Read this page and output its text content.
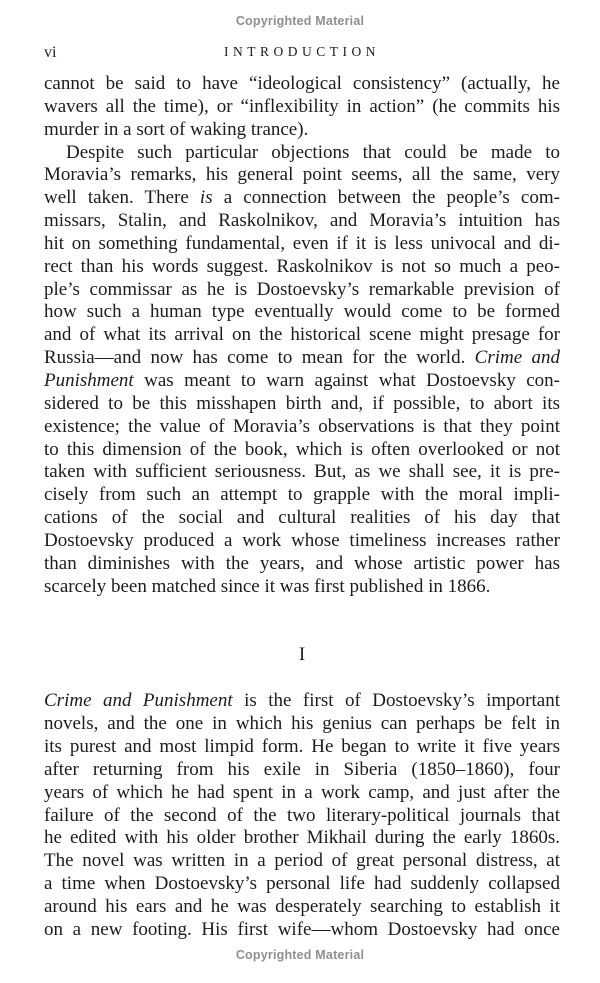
Copyrighted Material
vi	INTRODUCTION
cannot be said to have “ideological consistency” (actually, he
wavers all the time), or “inflexibility in action” (he commits his
murder in a sort of waking trance).
Despite such particular objections that could be made to
Moravia’s remarks, his general point seems, all the same, very
well taken. There is a connection between the people’s com-
missars, Stalin, and Raskolnikov, and Moravia’s intuition has
hit on something fundamental, even if it is less univocal and di-
rect than his words suggest. Raskolnikov is not so much a peo-
ple’s commissar as he is Dostoevsky’s remarkable prevision of
how such a human type eventually would come to be formed
and of what its arrival on the historical scene might presage for
Russia—and now has come to mean for the world. Crime and
Punishment was meant to warn against what Dostoevsky con-
sidered to be this misshapen birth and, if possible, to abort its
existence; the value of Moravia’s observations is that they point
to this dimension of the book, which is often overlooked or not
taken with sufficient seriousness. But, as we shall see, it is pre-
cisely from such an attempt to grapple with the moral impli-
cations of the social and cultural realities of his day that
Dostoevsky produced a work whose timeliness increases rather
than diminishes with the years, and whose artistic power has
scarcely been matched since it was first published in 1866.
I
Crime and Punishment is the first of Dostoevsky’s important
novels, and the one in which his genius can perhaps be felt in
its purest and most limpid form. He began to write it five years
after returning from his exile in Siberia (1850–1860), four
years of which he had spent in a work camp, and just after the
failure of the second of the two literary-political journals that
he edited with his older brother Mikhail during the early 1860s.
The novel was written in a period of great personal distress, at
a time when Dostoevsky’s personal life had suddenly collapsed
around his ears and he was desperately searching to establish it
on a new footing. His first wife—whom Dostoevsky had once
Copyrighted Material
